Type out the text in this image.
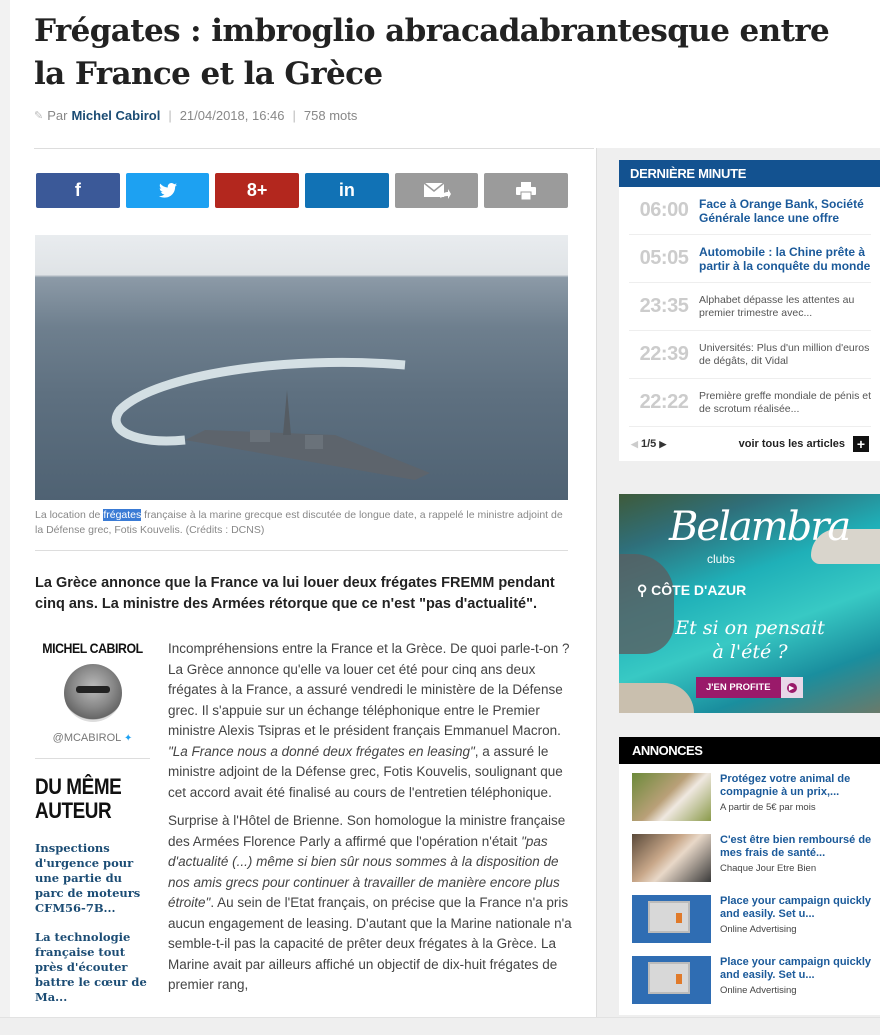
Frégates : imbroglio abracadabrantesque entre la France et la Grèce
✎ Par Michel Cabirol | 21/04/2018, 16:46 | 758 mots
f	8+	in
La location de frégates française à la marine grecque est discutée de longue date, a rappelé le ministre adjoint de la Défense grec, Fotis Kouvelis. (Crédits : DCNS)

La Grèce annonce que la France va lui louer deux frégates FREMM pendant cinq ans. La ministre des Armées rétorque que ce n'est "pas d'actualité".

MICHEL CABIROL
@MCABIROL ✦
DU MÊME AUTEUR
Inspections d'urgence pour une partie du parc de moteurs CFM56-7B...
La technologie française tout près d'écouter battre le cœur de Ma...

Incompréhensions entre la France et la Grèce. De quoi parle-t-on ? La Grèce annonce qu'elle va louer cet été pour cinq ans deux frégates à la France, a assuré vendredi le ministère de la Défense grec. Il s'appuie sur un échange téléphonique entre le Premier ministre Alexis Tsipras et le président français Emmanuel Macron. "La France nous a donné deux frégates en leasing", a assuré le ministre adjoint de la Défense grec, Fotis Kouvelis, soulignant que cet accord avait été finalisé au cours de l'entretien téléphonique.

Surprise à l'Hôtel de Brienne. Son homologue la ministre française des Armées Florence Parly a affirmé que l'opération n'était "pas d'actualité (...) même si bien sûr nous sommes à la disposition de nos amis grecs pour continuer à travailler de manière encore plus étroite". Au sein de l'Etat français, on précise que la France n'a pris aucun engagement de leasing. D'autant que la Marine nationale n'a semble-t-il pas la capacité de prêter deux frégates à la Grèce. La Marine avait par ailleurs affiché un objectif de dix-huit frégates de premier rang,

DERNIÈRE MINUTE
06:00 Face à Orange Bank, Société Générale lance une offre
05:05 Automobile : la Chine prête à partir à la conquête du monde
23:35	Alphabet dépasse les attentes au premier trimestre avec...
22:39	Universités: Plus d'un million d'euros de dégâts, dit Vidal
22:22	Première greffe mondiale de pénis et de scrotum réalisée...
◀ 1/5 ▶	voir tous les articles +
Belambra
clubs
⚲ CÔTE D'AZUR
Et si on pensait
à l'été ?
J'EN PROFITE	▶
ANNONCES
Protégez votre animal de compagnie à un prix,...
A partir de 5€ par mois
C'est être bien remboursé de mes frais de santé...
Chaque Jour Etre Bien
Place your campaign quickly and easily. Set u...
Online Advertising
Place your campaign quickly and easily. Set u...
Online Advertising
